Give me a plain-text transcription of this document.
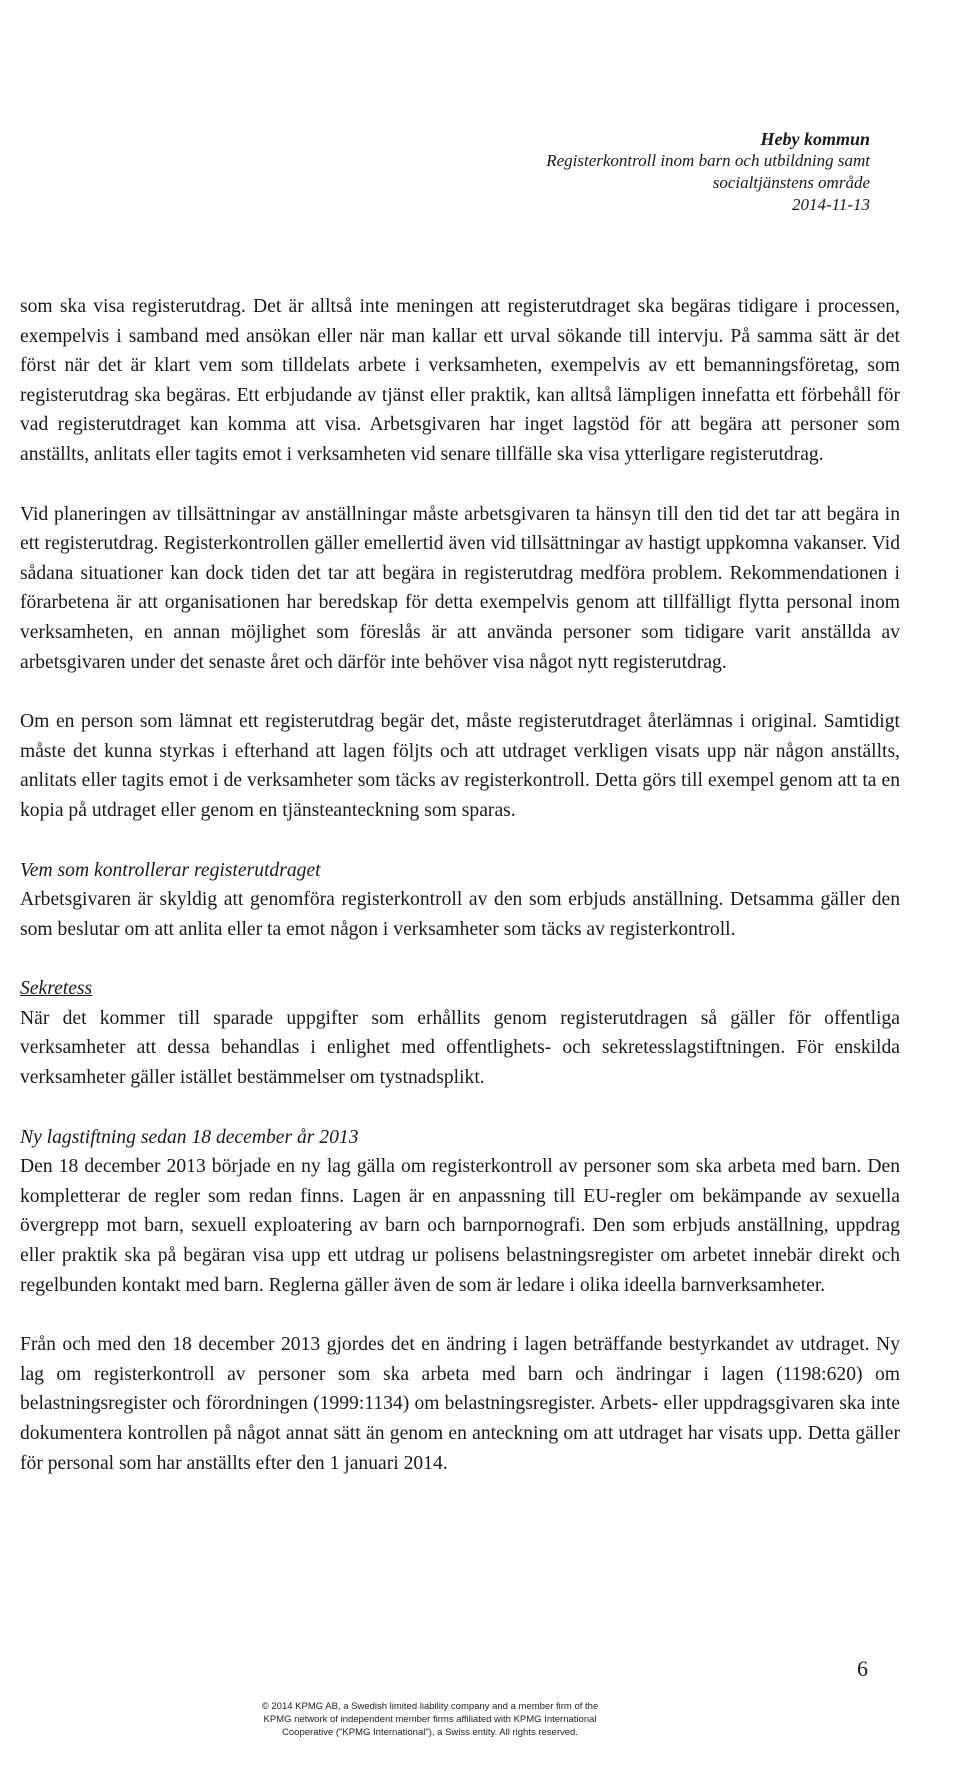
Heby kommun
Registerkontroll inom barn och utbildning samt
socialtjänstens område
2014-11-13

som ska visa registerutdrag. Det är alltså inte meningen att registerutdraget ska begäras tidigare i processen, exempelvis i samband med ansökan eller när man kallar ett urval sökande till intervju. På samma sätt är det först när det är klart vem som tilldelats arbete i verksamheten, exempelvis av ett bemanningsföretag, som registerutdrag ska begäras. Ett erbjudande av tjänst eller praktik, kan alltså lämpligen innefatta ett förbehåll för vad registerutdraget kan komma att visa. Arbetsgivaren har inget lagstöd för att begära att personer som anställts, anlitats eller tagits emot i verksamheten vid senare tillfälle ska visa ytterligare registerutdrag.

Vid planeringen av tillsättningar av anställningar måste arbetsgivaren ta hänsyn till den tid det tar att begära in ett registerutdrag. Registerkontrollen gäller emellertid även vid tillsättningar av hastigt uppkomna vakanser. Vid sådana situationer kan dock tiden det tar att begära in registerutdrag medföra problem. Rekommendationen i förarbetena är att organisationen har beredskap för detta exempelvis genom att tillfälligt flytta personal inom verksamheten, en annan möjlighet som föreslås är att använda personer som tidigare varit anställda av arbetsgivaren under det senaste året och därför inte behöver visa något nytt registerutdrag.

Om en person som lämnat ett registerutdrag begär det, måste registerutdraget återlämnas i original. Samtidigt måste det kunna styrkas i efterhand att lagen följts och att utdraget verkligen visats upp när någon anställts, anlitats eller tagits emot i de verksamheter som täcks av registerkontroll. Detta görs till exempel genom att ta en kopia på utdraget eller genom en tjänsteanteckning som sparas.

Vem som kontrollerar registerutdraget

Arbetsgivaren är skyldig att genomföra registerkontroll av den som erbjuds anställning. Detsamma gäller den som beslutar om att anlita eller ta emot någon i verksamheter som täcks av registerkontroll.

Sekretess

När det kommer till sparade uppgifter som erhållits genom registerutdragen så gäller för offentliga verksamheter att dessa behandlas i enlighet med offentlighets- och sekretesslagstiftningen. För enskilda verksamheter gäller istället bestämmelser om tystnadsplikt.

Ny lagstiftning sedan 18 december år 2013

Den 18 december 2013 började en ny lag gälla om registerkontroll av personer som ska arbeta med barn. Den kompletterar de regler som redan finns. Lagen är en anpassning till EU-regler om bekämpande av sexuella övergrepp mot barn, sexuell exploatering av barn och barnpornografi. Den som erbjuds anställning, uppdrag eller praktik ska på begäran visa upp ett utdrag ur polisens belastningsregister om arbetet innebär direkt och regelbunden kontakt med barn. Reglerna gäller även de som är ledare i olika ideella barnverksamheter.

Från och med den 18 december 2013 gjordes det en ändring i lagen beträffande bestyrkandet av utdraget. Ny lag om registerkontroll av personer som ska arbeta med barn och ändringar i lagen (1198:620) om belastningsregister och förordningen (1999:1134) om belastningsregister. Arbets- eller uppdragsgivaren ska inte dokumentera kontrollen på något annat sätt än genom en anteckning om att utdraget har visats upp. Detta gäller för personal som har anställts efter den 1 januari 2014.

6
© 2014 KPMG AB, a Swedish limited liability company and a member firm of the
KPMG network of independent member firms affiliated with KPMG International
Cooperative ("KPMG International"), a Swiss entity. All rights reserved.
